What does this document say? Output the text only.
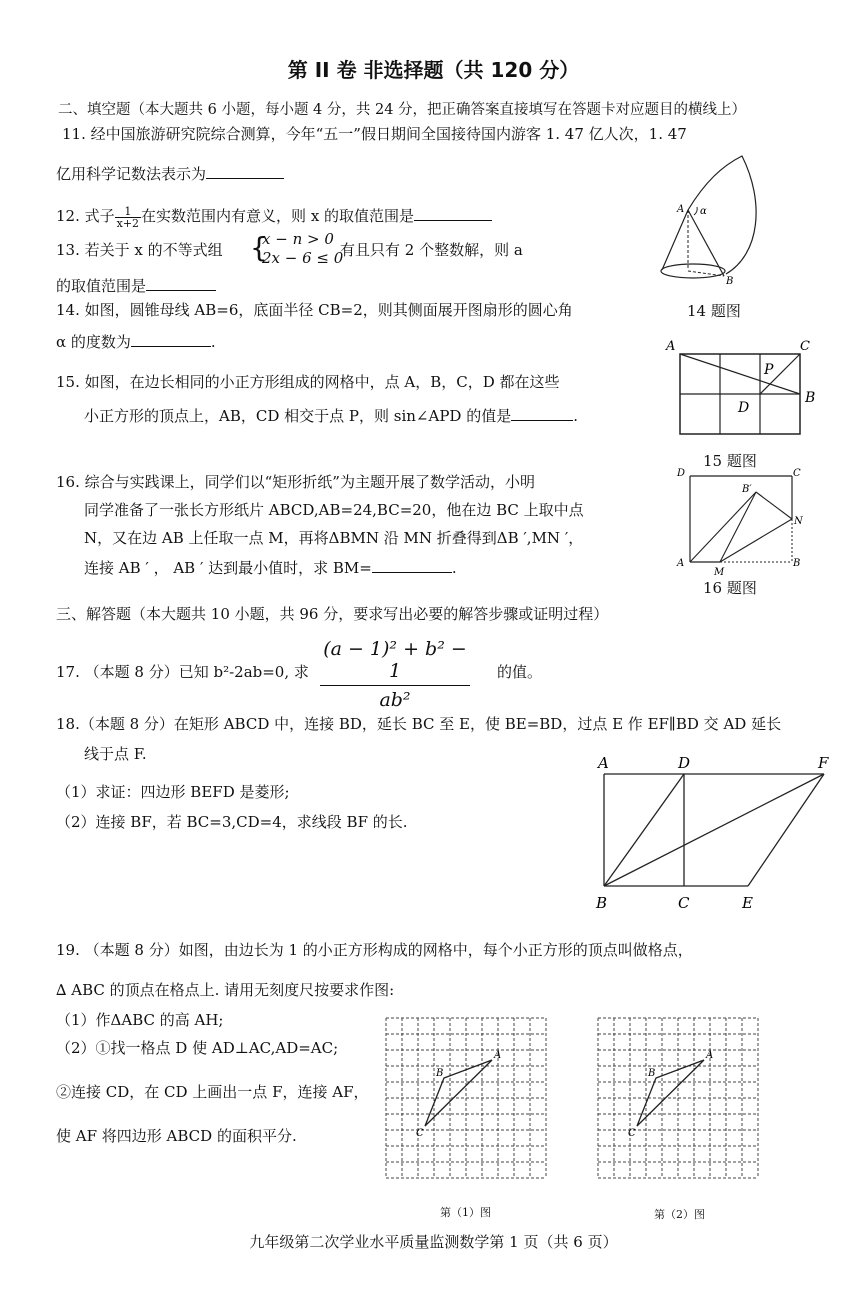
第 II 卷 非选择题（共 120 分）
二、填空题（本大题共 6 小题，每小题 4 分，共 24 分，把正确答案直接填写在答题卡对应题目的横线上）
11. 经中国旅游研究院综合测算，今年“五一”假日期间全国接待国内游客 1. 47 亿人次，1. 47
亿用科学记数法表示为
12. 式子 $\frac{1}{x+2}$ 在实数范围内有意义，则 x 的取值范围是
13. 若关于 x 的不等式组 {
x − n > 0
2x − 6 ≤ 0
有且只有 2 个整数解，则 a
的取值范围是
14. 如图，圆锥母线 AB=6，底面半径 CB=2，则其侧面展开图扇形的圆心角
α 的度数为	.
A α
B
14 题图
15. 如图，在边长相同的小正方形组成的网格中，点 A，B，C，D 都在这些
小正方形的顶点上，AB，CD 相交于点 P，则 sin∠APD 的值是	.
A	C
P
D
B
15 题图
16. 综合与实践课上，同学们以“矩形折纸”为主题开展了数学活动，小明
同学准备了一张长方形纸片 ABCD,AB=24,BC=20，他在边 BC 上取中点
N，又在边 AB 上任取一点 M，再将ΔBMN 沿 MN 折叠得到ΔB ′,MN ′，
连接 AB ′ ， AB ′ 达到最小值时，求 BM=	.
D	C
B′
N
A
M
B
16 题图
三、解答题（本大题共 10 小题，共 96 分，要求写出必要的解答步骤或证明过程）
17. （本题 8 分）已知 b²-2ab=0, 求 $\frac{\text{(a − 1)² + b² − 1}}{\text{ab²}}$ 的值。
18.（本题 8 分）在矩形 ABCD 中，连接 BD，延长 BC 至 E，使 BE=BD，过点 E 作 EF∥BD 交 AD 延长
线于点 F.
（1）求证：四边形 BEFD 是菱形;
（2）连接 BF，若 BC=3,CD=4，求线段 BF 的长.
A	D	F
B	C	E
19. （本题 8 分）如图，由边长为 1 的小正方形构成的网格中，每个小正方形的顶点叫做格点，
∆ ABC 的顶点在格点上. 请用无刻度尺按要求作图:
（1）作ΔABC 的高 AH;
（2）①找一格点 D 使 AD⊥AC,AD=AC;
②连接 CD，在 CD 上画出一点 F，连接 AF，
使 AF 将四边形 ABCD 的面积平分.
A
B
C
A
B
C
第（1）图	第（2）图
九年级第二次学业水平质量监测数学第 1 页（共 6 页）
